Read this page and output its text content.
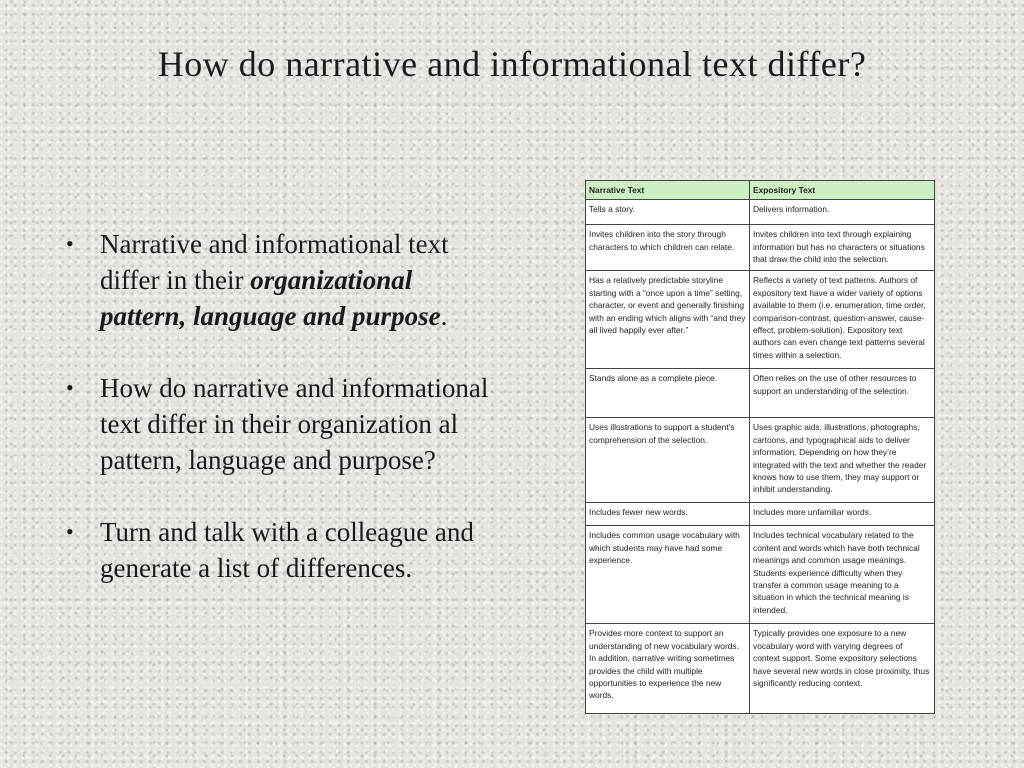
How do narrative and informational text differ?
• Narrative and informational text differ in their organizational pattern, language and purpose.
• How do narrative and informational text differ in their organization al pattern, language and purpose?
• Turn and talk with a colleague and generate a list of differences.
Narrative Text	Expository Text
Tells a story.	Delivers information.
Invites children into the story through characters to which children can relate.	Invites children into text through explaining information but has no characters or situations that draw the child into the selection.
Has a relatively predictable storyline starting with a “once upon a time” setting, character, or event and generally finishing with an ending which aligns with “and they all lived happily ever after.”	Reflects a variety of text patterns. Authors of expository text have a wider variety of options available to them (i.e. enumeration, time order, comparison-contrast, question-answer, cause-effect, problem-solution). Expository text authors can even change text patterns several times within a selection.
Stands alone as a complete piece.	Often relies on the use of other resources to support an understanding of the selection.
Uses illustrations to support a student’s comprehension of the selection.	Uses graphic aids, illustrations, photographs, cartoons, and typographical aids to deliver information. Depending on how they’re integrated with the text and whether the reader knows how to use them, they may support or inhibit understanding.
Includes fewer new words.	Includes more unfamiliar words.
Includes common usage vocabulary with which students may have had some experience.	Includes technical vocabulary related to the content and words which have both technical meanings and common usage meanings. Students experience difficulty when they transfer a common usage meaning to a situation in which the technical meaning is intended.
Provides more context to support an understanding of new vocabulary words. In addition, narrative writing sometimes provides the child with multiple opportunities to experience the new words.	Typically provides one exposure to a new vocabulary word with varying degrees of context support. Some expository selections have several new words in close proximity, thus significantly reducing context.
